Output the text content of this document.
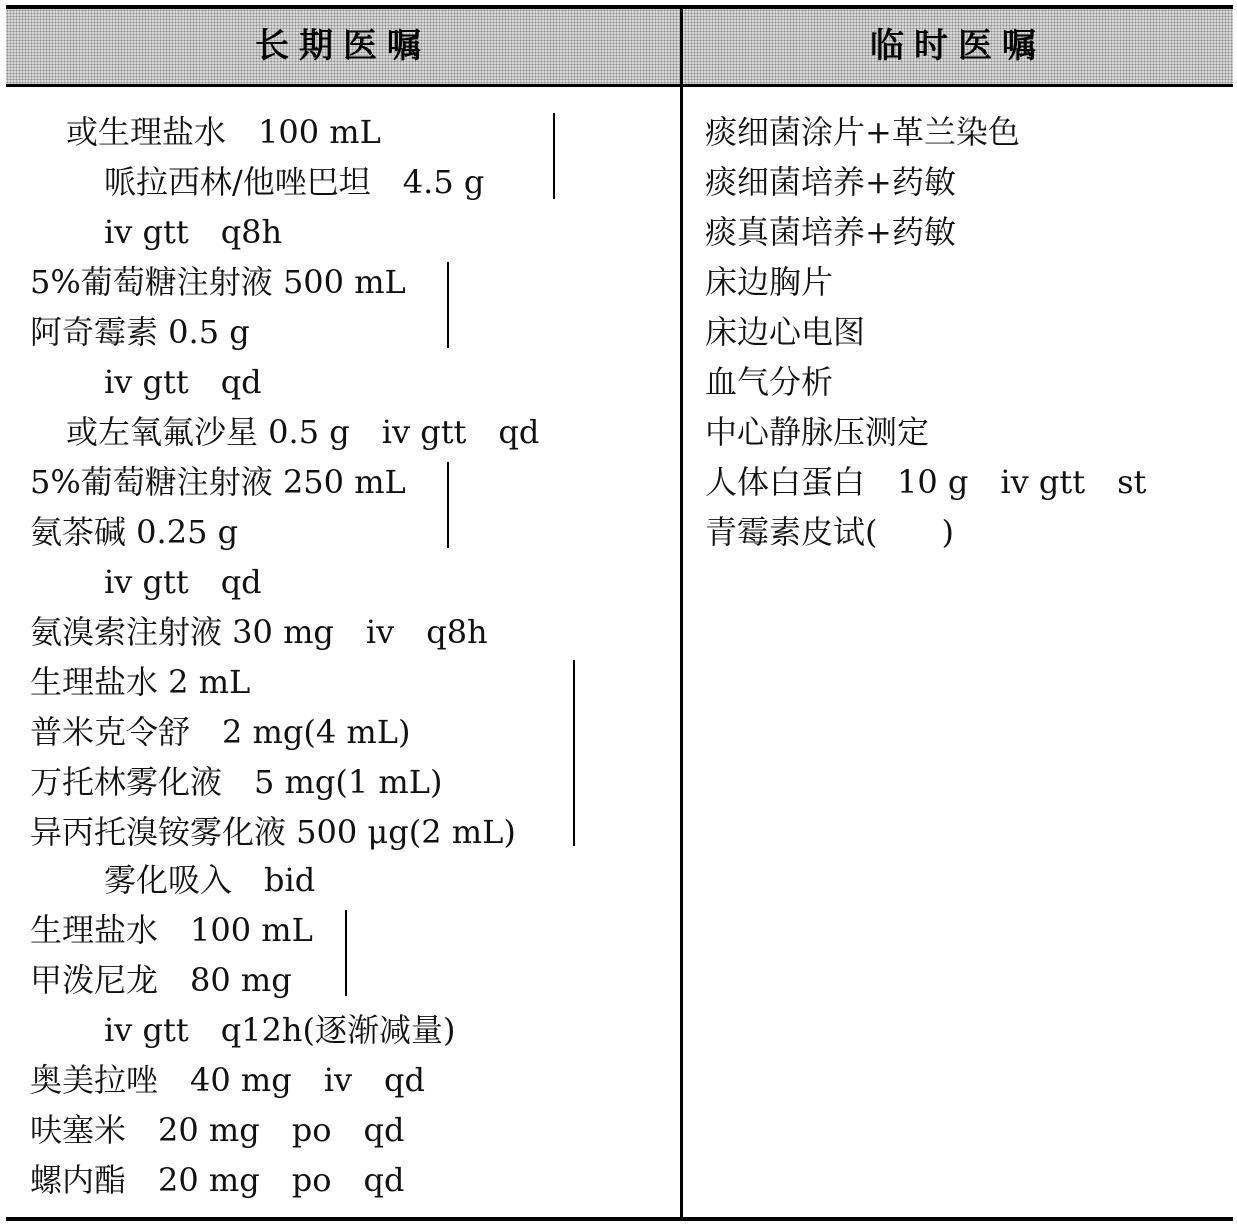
长期医嘱	临时医嘱
或生理盐水　100 mL
哌拉西林/他唑巴坦　4.5 g
iv gtt　q8h
5%葡萄糖注射液 500 mL
阿奇霉素 0.5 g
iv gtt　qd
或左氧氟沙星 0.5 g　iv gtt　qd
5%葡萄糖注射液 250 mL
氨茶碱 0.25 g
iv gtt　qd
氨溴索注射液 30 mg　iv　q8h
生理盐水 2 mL
普米克令舒　2 mg(4 mL)
万托林雾化液　5 mg(1 mL)
异丙托溴铵雾化液 500 μg(2 mL)
雾化吸入　bid
生理盐水　100 mL
甲泼尼龙　80 mg
iv gtt　q12h(逐渐减量)
奥美拉唑　40 mg　iv　qd
呋塞米　20 mg　po　qd
螺内酯　20 mg　po　qd
痰细菌涂片+革兰染色
痰细菌培养+药敏
痰真菌培养+药敏
床边胸片
床边心电图
血气分析
中心静脉压测定
人体白蛋白　10 g　iv gtt　st
青霉素皮试(　　)
